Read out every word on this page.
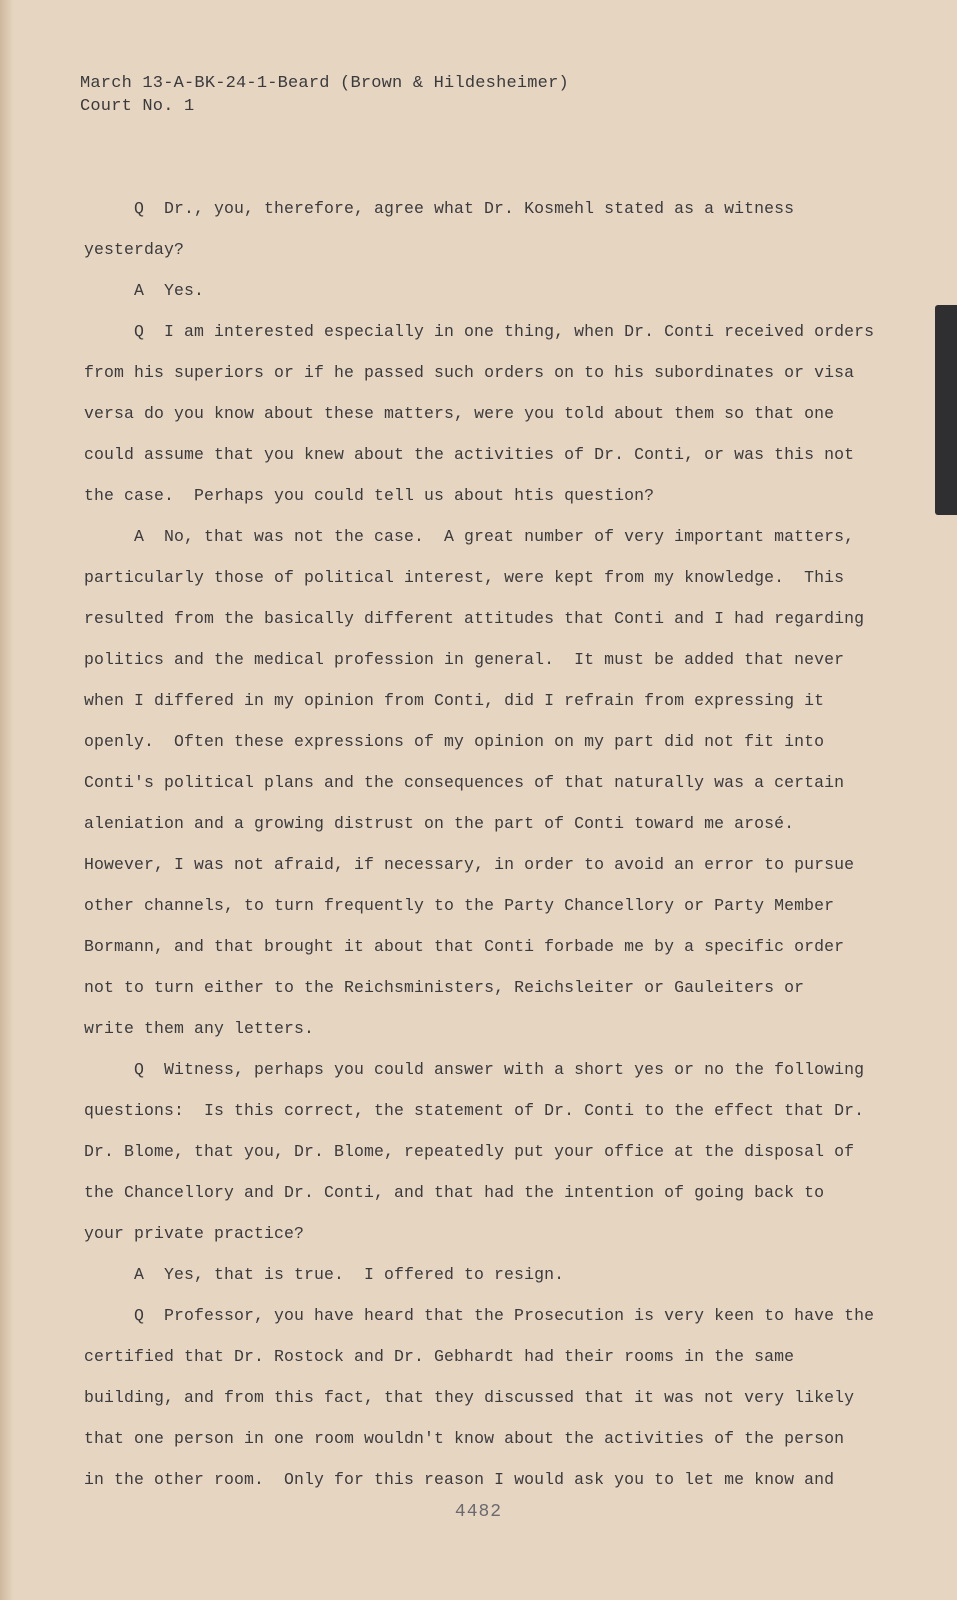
March 13-A-BK-24-1-Beard (Brown & Hildesheimer)
Court No. 1
Q  Dr., you, therefore, agree what Dr. Kosmehl stated as a witness
yesterday?
A  Yes.
Q  I am interested especially in one thing, when Dr. Conti received orders
from his superiors or if he passed such orders on to his subordinates or visa
versa do you know about these matters, were you told about them so that one
could assume that you knew about the activities of Dr. Conti, or was this not
the case.  Perhaps you could tell us about htis question?
A  No, that was not the case.  A great number of very important matters,
particularly those of political interest, were kept from my knowledge.  This
resulted from the basically different attitudes that Conti and I had regarding
politics and the medical profession in general.  It must be added that never
when I differed in my opinion from Conti, did I refrain from expressing it
openly.  Often these expressions of my opinion on my part did not fit into
Conti's political plans and the consequences of that naturally was a certain
aleniation and a growing distrust on the part of Conti toward me arosé.
However, I was not afraid, if necessary, in order to avoid an error to pursue
other channels, to turn frequently to the Party Chancellory or Party Member
Bormann, and that brought it about that Conti forbade me by a specific order
not to turn either to the Reichsministers, Reichsleiter or Gauleiters or
write them any letters.
Q  Witness, perhaps you could answer with a short yes or no the following
questions:  Is this correct, the statement of Dr. Conti to the effect that Dr.
Dr. Blome, that you, Dr. Blome, repeatedly put your office at the disposal of
the Chancellory and Dr. Conti, and that had the intention of going back to
your private practice?
A  Yes, that is true.  I offered to resign.
Q  Professor, you have heard that the Prosecution is very keen to have the
certified that Dr. Rostock and Dr. Gebhardt had their rooms in the same
building, and from this fact, that they discussed that it was not very likely
that one person in one room wouldn't know about the activities of the person
in the other room.  Only for this reason I would ask you to let me know and
4482
